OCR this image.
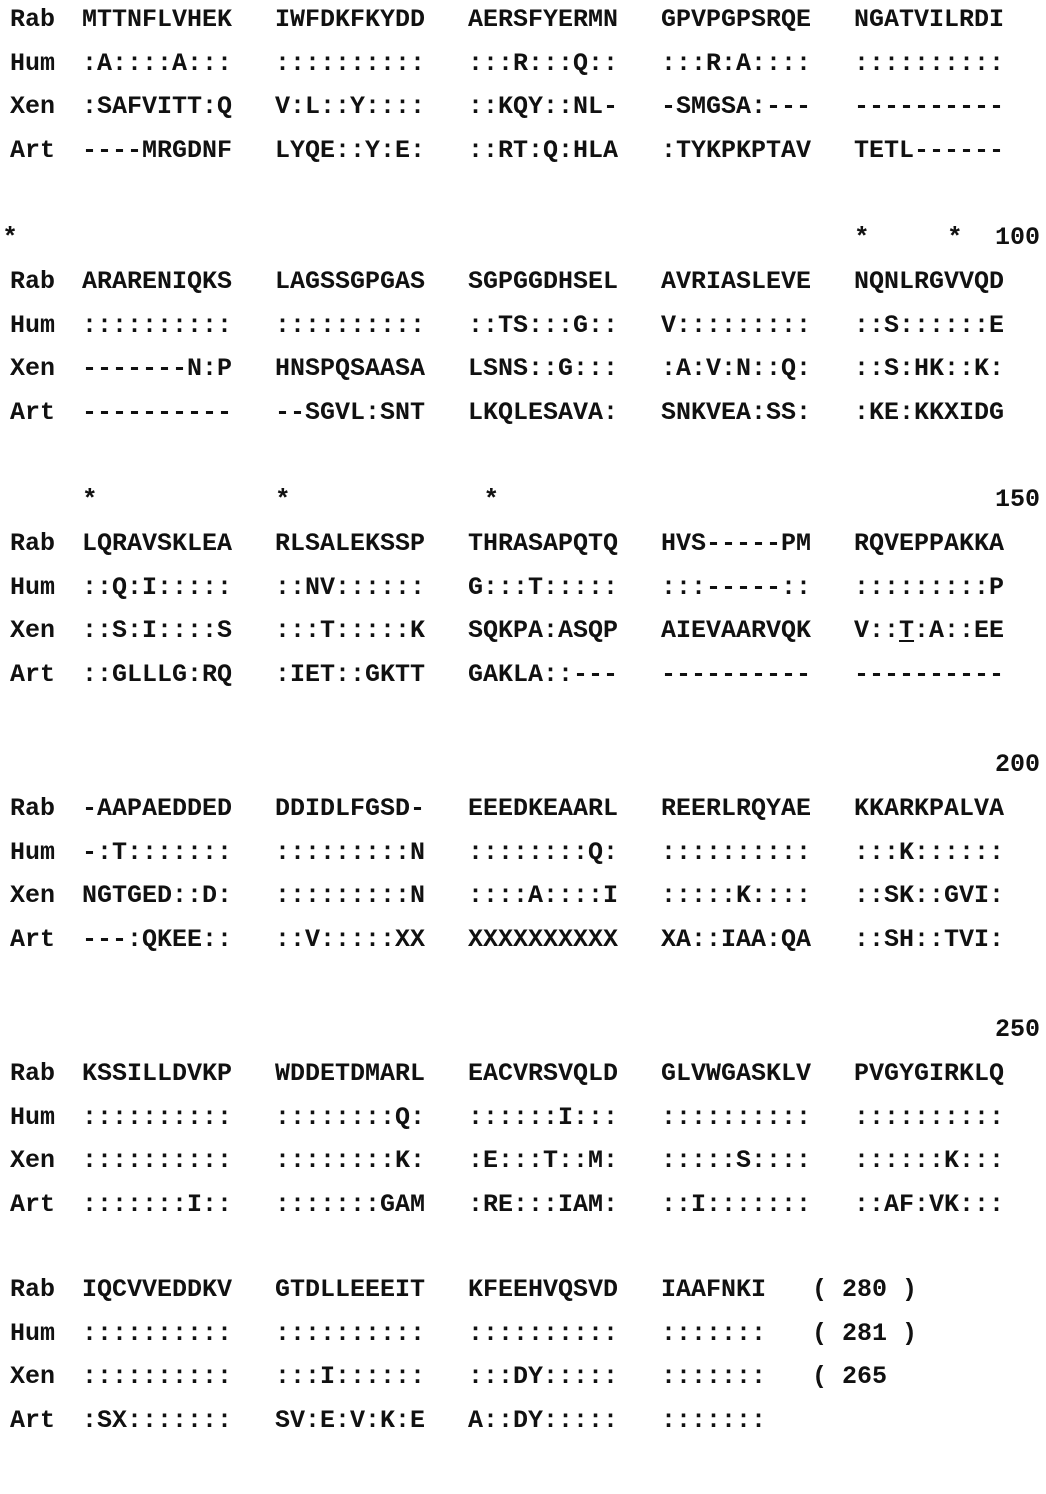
Rab	MTTNFLVHEK IWFDKFKYDD AERSFYERMN GPVPGPSRQE NGATVILRDI
Hum	:A::::A::: :::::::::: :::R:::Q:: :::R:A:::: ::::::::::
Xen	:SAFVITT:Q V:L::Y:::: ::KQY::NL- -SMGSA:--- ----------
Art	----MRGDNF LYQE::Y:E: ::RT:Q:HLA :TYKPKPTAV TETL------
*	*
*	100
Rab	ARARENIQKS LAGSSGPGAS SGPGGDHSEL AVRIASLEVE NQNLRGVVQD
Hum	:::::::::: :::::::::: ::TS:::G:: V::::::::: ::S::::::E
Xen	-------N:P HNSPQSAASA LSNS::G::: :A:V:N::Q: ::S:HK::K:
Art	---------- --SGVL:SNT LKQLESAVA: SNKVEA:SS: :KE:KKXIDG
*	*	*	150
Rab	LQRAVSKLEA RLSALEKSSP THRASAPQTQ HVS-----PM RQVEPPAKKA
Hum	::Q:I::::: ::NV:::::: G:::T::::: :::-----:: :::::::::P
Xen	::S:I::::S :::T:::::K SQKPA:ASQP AIEVAARVQK V::T:A::EE
Art	::GLLLG:RQ :IET::GKTT GAKLA::--- ---------- ----------
200
Rab	-AAPAEDDED DDIDLFGSD- EEEDKEAARL REERLRQYAE KKARKPALVA
Hum	-:T::::::: :::::::::N ::::::::Q: :::::::::: :::K::::::
Xen	NGTGED::D: :::::::::N ::::A::::I :::::K:::: ::SK::GVI:
Art	---:QKEE:: ::V:::::XX XXXXXXXXXX XA::IAA:QA ::SH::TVI:
250
Rab	KSSILLDVKP WDDETDMARL EACVRSVQLD GLVWGASKLV PVGYGIRKLQ
Hum	:::::::::: ::::::::Q: ::::::I::: :::::::::: ::::::::::
Xen	:::::::::: ::::::::K: :E:::T::M: :::::S:::: ::::::K:::
Art	:::::::I:: :::::::GAM :RE:::IAM: ::I::::::: ::AF:VK:::
Rab	IQCVVEDDKV GTDLLEEEIT KFEEHVQSVD IAAFNKI ( 280 )
Hum	:::::::::: :::::::::: :::::::::: ::::::: ( 281 )
Xen	:::::::::: :::I:::::: :::DY::::: ::::::: ( 265
Art	:SX::::::: SV:E:V:K:E A::DY::::: :::::::
